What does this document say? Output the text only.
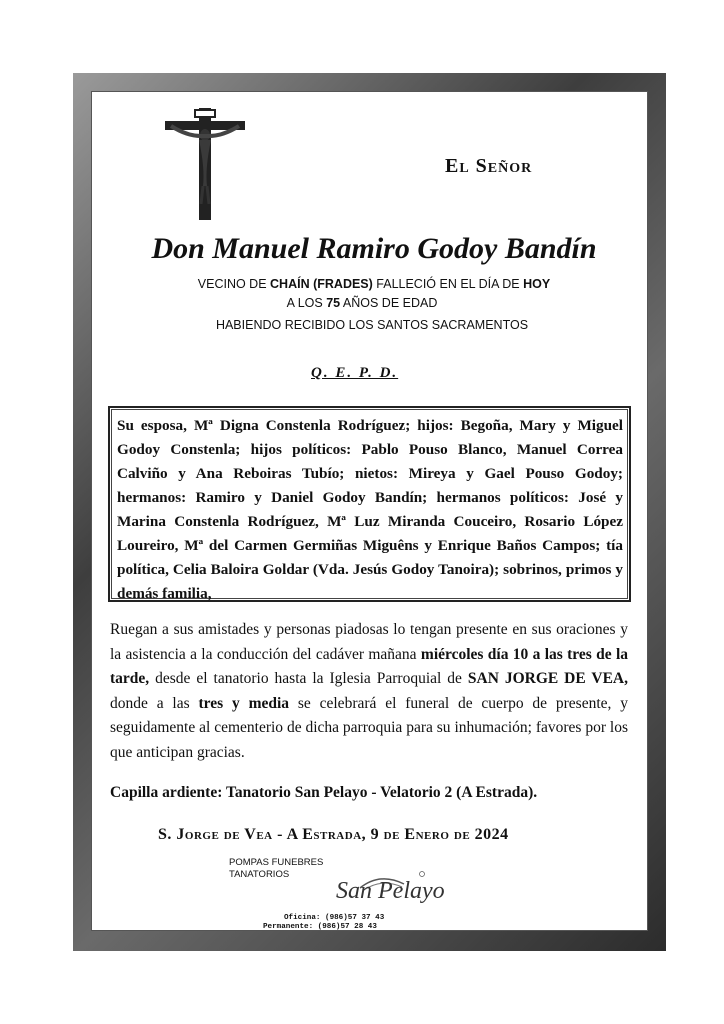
El Señor
Don Manuel Ramiro Godoy Bandín
VECINO DE CHAÍN (FRADES) FALLECIÓ EN EL DÍA DE HOY
A LOS 75 AÑOS DE EDAD
HABIENDO RECIBIDO LOS SANTOS SACRAMENTOS
Q. E. P. D.

Su esposa, Mª Digna Constenla Rodríguez; hijos: Begoña, Mary y Miguel Godoy Constenla; hijos políticos: Pablo Pouso Blanco, Manuel Correa Calviño y Ana Reboiras Tubío; nietos: Mireya y Gael Pouso Godoy; hermanos: Ramiro y Daniel Godoy Bandín; hermanos políticos: José y Marina Constenla Rodríguez, Mª Luz Miranda Couceiro, Rosario López Loureiro, Mª del Carmen Germiñas Miguêns y Enrique Baños Campos; tía política, Celia Baloira Goldar (Vda. Jesús Godoy Tanoira); sobrinos, primos y demás familia,

Ruegan a sus amistades y personas piadosas lo tengan presente en sus oraciones y la asistencia a la conducción del cadáver mañana miércoles día 10 a las tres de la tarde, desde el tanatorio hasta la Iglesia Parroquial de SAN JORGE DE VEA, donde a las tres y media se celebrará el funeral de cuerpo de presente, y seguidamente al cementerio de dicha parroquia para su inhumación; favores por los que anticipan gracias.

Capilla ardiente: Tanatorio San Pelayo - Velatorio 2 (A Estrada).

S. Jorge de Vea - A Estrada, 9 de Enero de 2024
POMPAS FUNEBRES
TANATORIOS
San Pelayo
Oficina: (986)57 37 43
Permanente: (986)57 28 43
